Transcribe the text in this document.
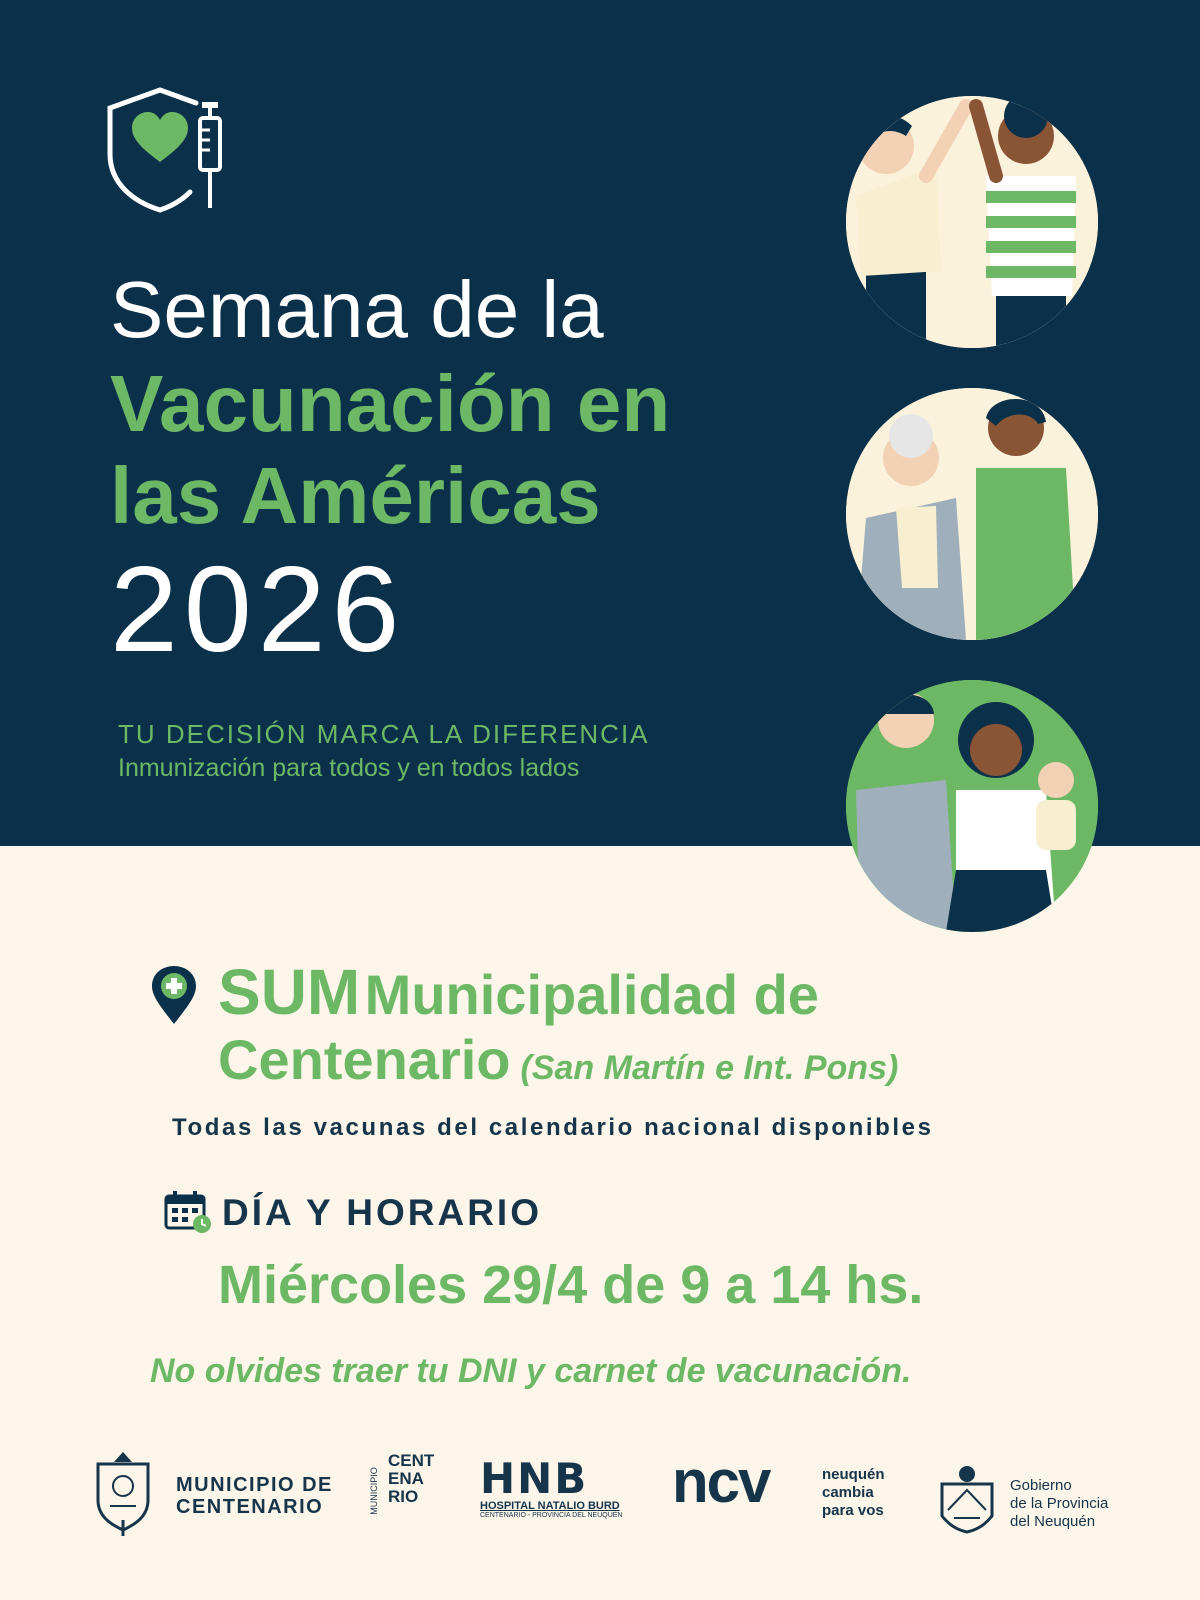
Semana de la
Vacunación en
las Américas
2026
TU DECISIÓN MARCA LA DIFERENCIA
Inmunización para todos y en todos lados
SUM Municipalidad de
Centenario (San Martín e Int. Pons)
Todas las vacunas del calendario nacional disponibles
DÍA Y HORARIO
Miércoles 29/4 de 9 a 14 hs.
No olvides traer tu DNI y carnet de vacunación.
MUNICIPIO DE
CENTENARIO	MUNICIPIO
CENTENARIO	HNB
HOSPITAL NATALIO BURD
CENTENARIO - PROVINCIA DEL NEUQUÉN
ncv	neuquén
cambia
para vos
Gobierno
de la Provincia
del Neuquén
